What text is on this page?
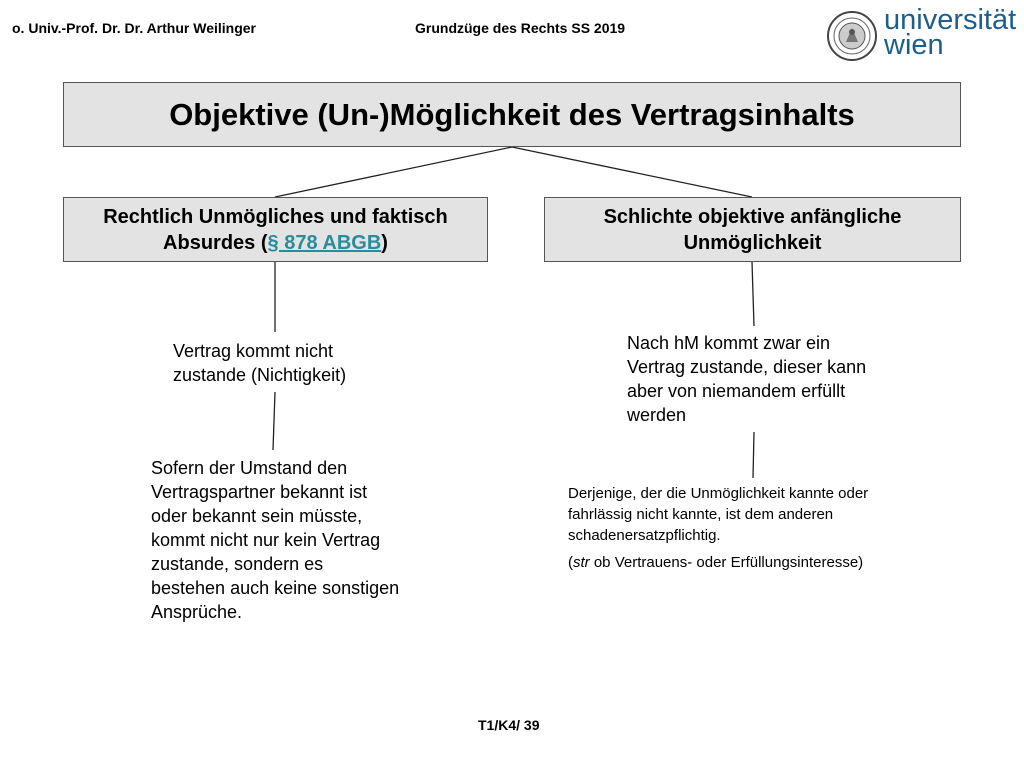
o. Univ.-Prof. Dr. Dr. Arthur Weilinger	Grundzüge des Rechts SS 2019	universität
wien
Objektive (Un-)Möglichkeit des Vertragsinhalts
Rechtlich Unmögliches und faktisch Absurdes (§ 878 ABGB)
Schlichte objektive anfängliche Unmöglichkeit
Vertrag kommt nicht zustande (Nichtigkeit)
Sofern der Umstand den Vertragspartner bekannt ist oder bekannt sein müsste, kommt nicht nur kein Vertrag zustande, sondern es bestehen auch keine sonstigen Ansprüche.
Nach hM kommt zwar ein Vertrag zustande, dieser kann aber von niemandem erfüllt werden
Derjenige, der die Unmöglichkeit kannte oder fahrlässig nicht kannte, ist dem anderen schadenersatzpflichtig.
(str ob Vertrauens- oder Erfüllungsinteresse)
T1/K4/ 39
